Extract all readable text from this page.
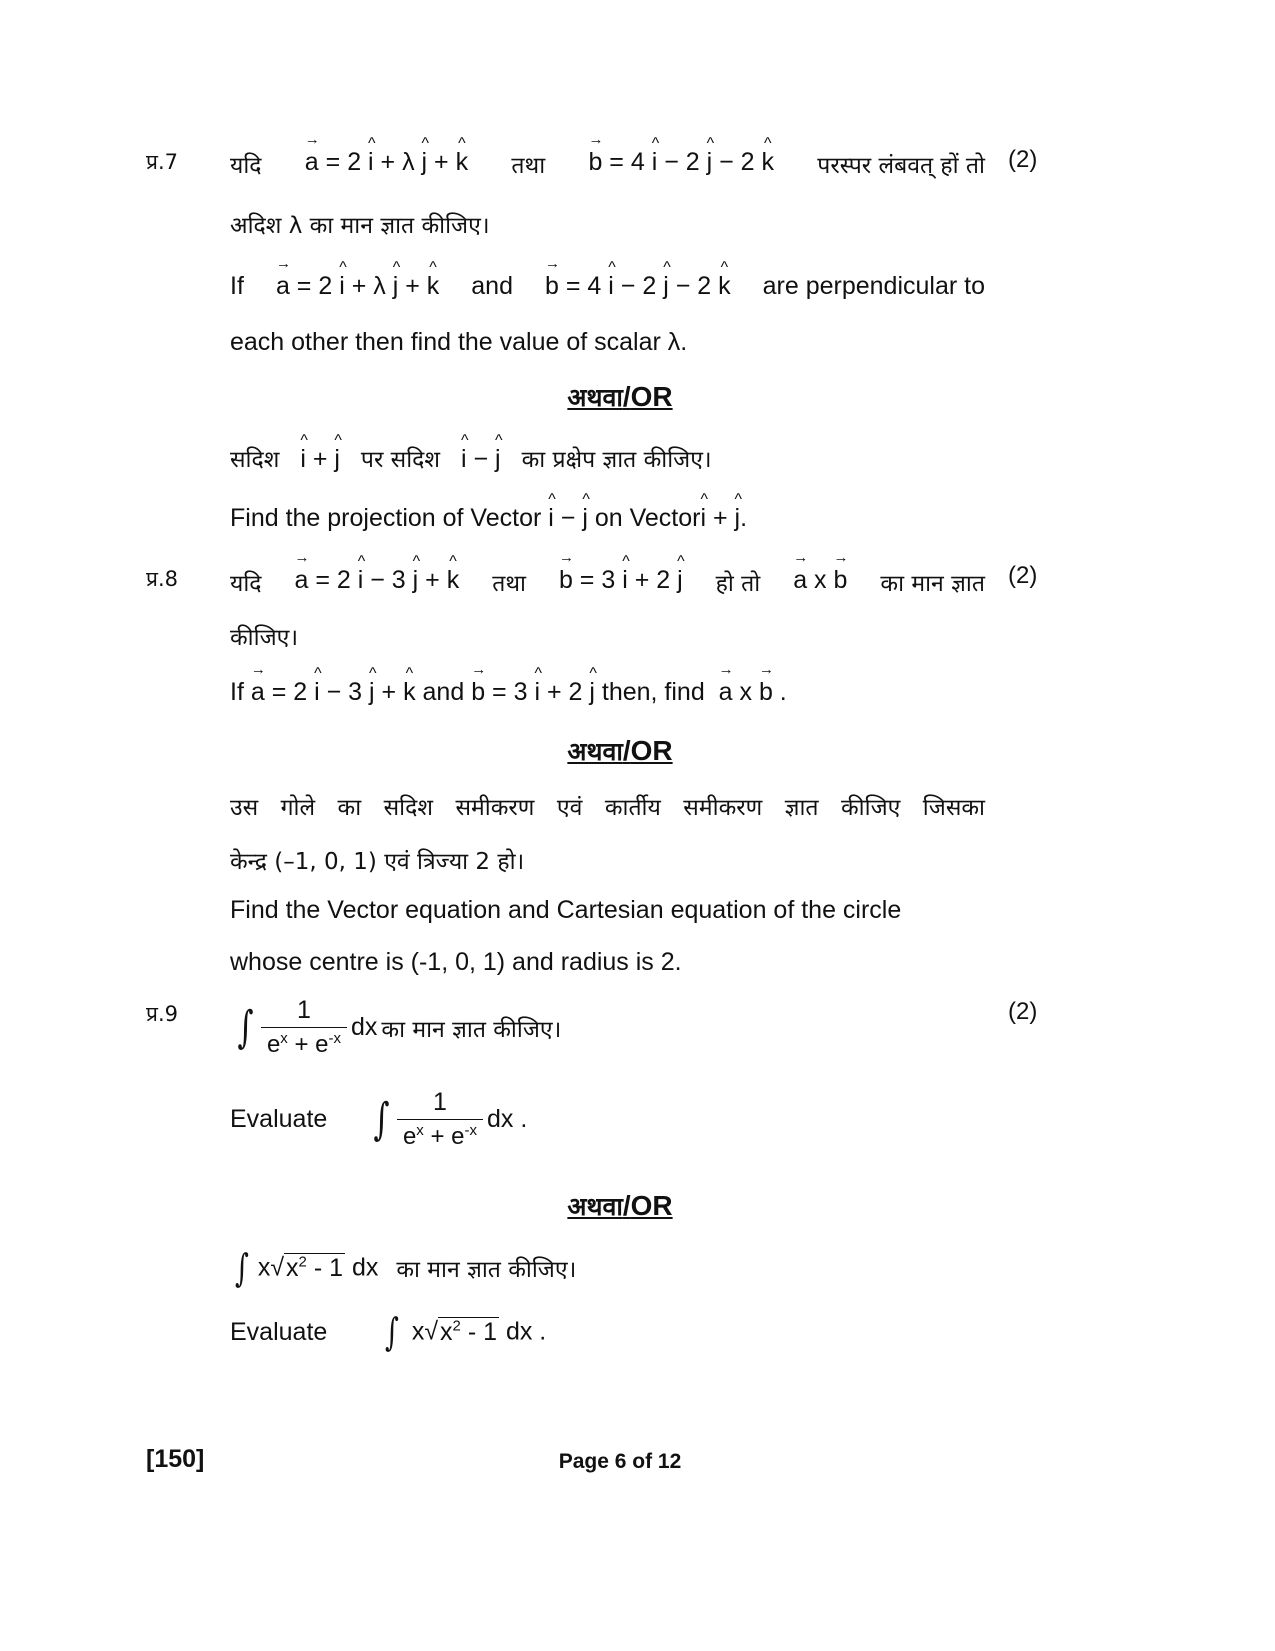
प्र.7	(2)
यदि → a = 2 ^ i + λ ^ j + ^ k तथा → b = 4 ^ i − 2 ^ j − 2 ^ k परस्पर लंबवत् हों तो
अदिश λ का मान ज्ञात कीजिए।
If → a = 2 ^ i + λ ^ j + ^ k and → b = 4 ^ i − 2 ^ j − 2 ^ k are perpendicular to
each other then find the value of scalar λ.
अथवा/OR
सदिश ^ i + ^ j पर सदिश ^ i − ^ j का प्रक्षेप ज्ञात कीजिए।
Find the projection of Vector ^ i − ^ j on Vector^ i + ^ j.
प्र.8	(2)
यदि → a = 2 ^ i − 3 ^ j + ^ k तथा → b = 3 ^ i + 2 ^ j हो तो → a x → b का मान ज्ञात
कीजिए।
If → a = 2 ^ i − 3 ^ j + ^ k and → b = 3 ^ i + 2 ^ j then, find → a x → b .
अथवा/OR
उस गोले का सदिश समीकरण एवं कार्तीय समीकरण ज्ञात कीजिए जिसका
केन्द्र (–1, 0, 1) एवं त्रिज्या 2 हो।
Find the Vector equation and Cartesian equation of the circle
whose centre is (-1, 0, 1) and radius is 2.
प्र.9	(2)
∫ $\frac{1}{e^x + e^{-x}}$ dx का मान ज्ञात कीजिए।
Evaluate	∫ $\frac{1}{e^x + e^{-x}}$ dx .
अथवा/OR
∫ $x√x^2 - 1$ dx का मान ज्ञात कीजिए।
Evaluate	∫ $x√x^2 - 1$ dx .
[150]	Page 6 of 12
